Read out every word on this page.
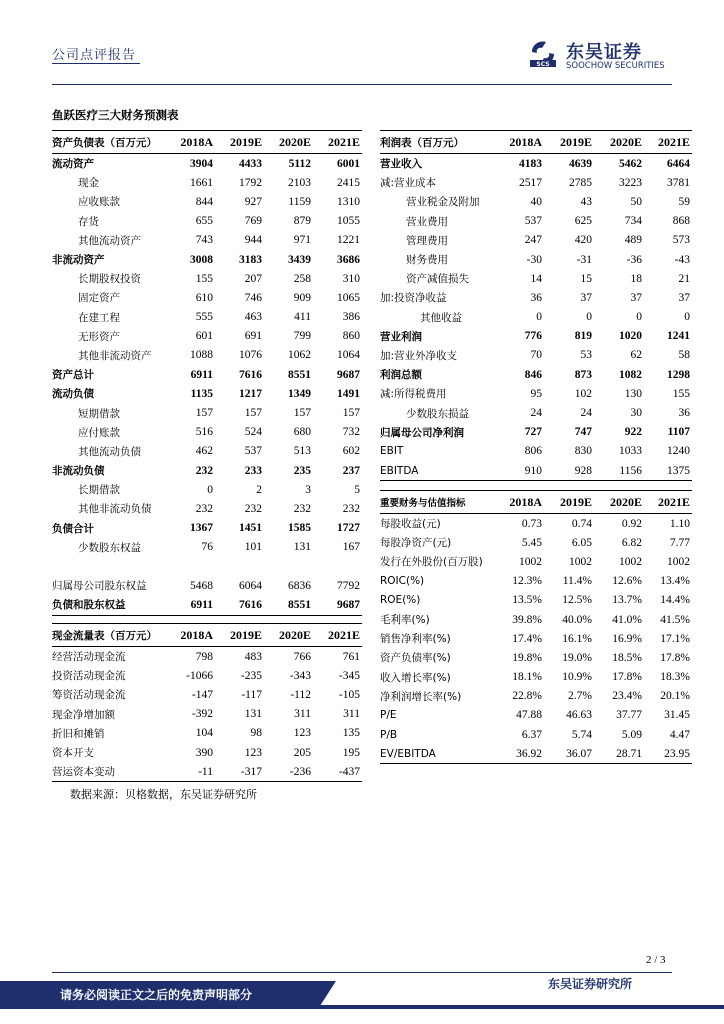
公司点评报告
SCS
东吴证券
SOOCHOW SECURITIES
鱼跃医疗三大财务预测表
资产负债表（百万元）	2018A	2019E	2020E	2021E
流动资产	3904	4433	5112	6001
现金	1661	1792	2103	2415
应收账款	844	927	1159	1310
存货	655	769	879	1055
其他流动资产	743	944	971	1221
非流动资产	3008	3183	3439	3686
长期股权投资	155	207	258	310
固定资产	610	746	909	1065
在建工程	555	463	411	386
无形资产	601	691	799	860
其他非流动资产	1088	1076	1062	1064
资产总计	6911	7616	8551	9687
流动负债	1135	1217	1349	1491
短期借款	157	157	157	157
应付账款	516	524	680	732
其他流动负债	462	537	513	602
非流动负债	232	233	235	237
长期借款	0	2	3	5
其他非流动负债	232	232	232	232
负债合计	1367	1451	1585	1727
少数股东权益	76	101	131	167

归属母公司股东权益	5468	6064	6836	7792
负债和股东权益	6911	7616	8551	9687
利润表（百万元）	2018A	2019E	2020E	2021E
营业收入	4183	4639	5462	6464
减:营业成本	2517	2785	3223	3781
营业税金及附加	40	43	50	59
营业费用	537	625	734	868
管理费用	247	420	489	573
财务费用	-30	-31	-36	-43
资产减值损失	14	15	18	21
加:投资净收益	36	37	37	37
其他收益	0	0	0	0
营业利润	776	819	1020	1241
加:营业外净收支	70	53	62	58
利润总额	846	873	1082	1298
减:所得税费用	95	102	130	155
少数股东损益	24	24	30	36
归属母公司净利润	727	747	922	1107
EBIT	806	830	1033	1240
EBITDA	910	928	1156	1375
重要财务与估值指标	2018A	2019E	2020E	2021E
每股收益(元)	0.73	0.74	0.92	1.10
每股净资产(元)	5.45	6.05	6.82	7.77
发行在外股份(百万股)	1002	1002	1002	1002
ROIC(%)	12.3%	11.4%	12.6%	13.4%
ROE(%)	13.5%	12.5%	13.7%	14.4%
毛利率(%)	39.8%	40.0%	41.0%	41.5%
销售净利率(%)	17.4%	16.1%	16.9%	17.1%
资产负债率(%)	19.8%	19.0%	18.5%	17.8%
收入增长率(%)	18.1%	10.9%	17.8%	18.3%
净利润增长率(%)	22.8%	2.7%	23.4%	20.1%
P/E	47.88	46.63	37.77	31.45
P/B	6.37	5.74	5.09	4.47
EV/EBITDA	36.92	36.07	28.71	23.95
现金流量表（百万元）	2018A	2019E	2020E	2021E
经营活动现金流	798	483	766	761
投资活动现金流	-1066	-235	-343	-345
筹资活动现金流	-147	-117	-112	-105
现金净增加额	-392	131	311	311
折旧和摊销	104	98	123	135
资本开支	390	123	205	195
营运资本变动	-11	-317	-236	-437
数据来源：贝格数据，东吴证券研究所
2 / 3
请务必阅读正文之后的免责声明部分
东吴证券研究所
